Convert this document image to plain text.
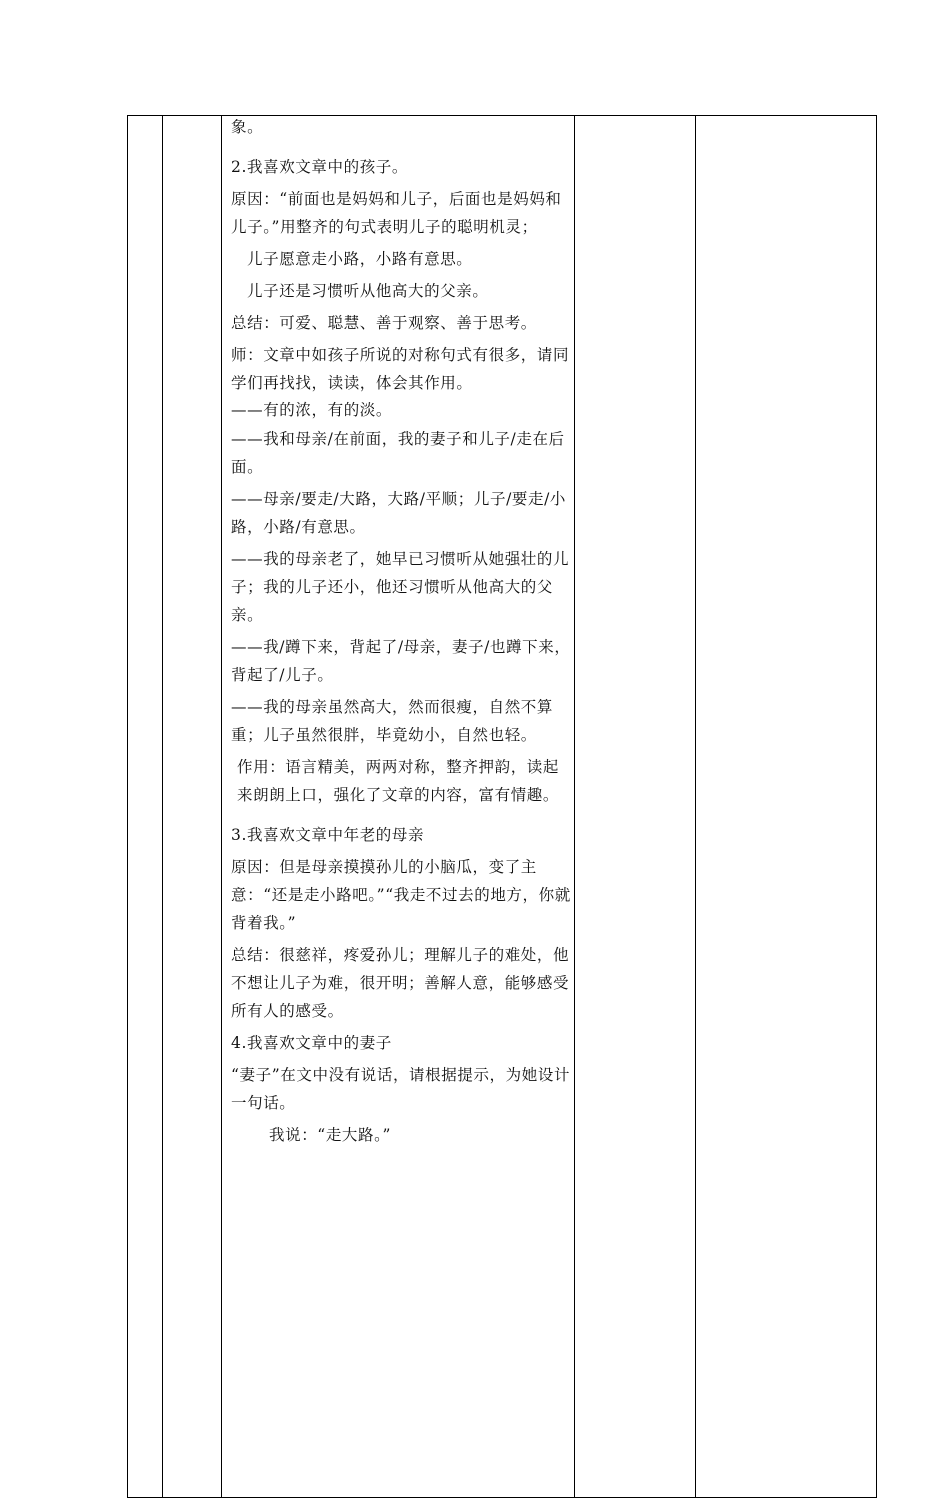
象。
2.我喜欢文章中的孩子。
原因：“前面也是妈妈和儿子，后面也是妈妈和儿子。”用整齐的句式表明儿子的聪明机灵；
儿子愿意走小路，小路有意思。
儿子还是习惯听从他高大的父亲。
总结：可爱、聪慧、善于观察、善于思考。
师：文章中如孩子所说的对称句式有很多，请同学们再找找，读读，体会其作用。
——有的浓，有的淡。
——我和母亲/在前面，我的妻子和儿子/走在后面。
——母亲/要走/大路，大路/平顺；儿子/要走/小路，小路/有意思。
——我的母亲老了，她早已习惯听从她强壮的儿子；我的儿子还小，他还习惯听从他高大的父亲。
——我/蹲下来，背起了/母亲，妻子/也蹲下来，背起了/儿子。
——我的母亲虽然高大，然而很瘦，自然不算重；儿子虽然很胖，毕竟幼小，自然也轻。
作用：语言精美，两两对称，整齐押韵，读起来朗朗上口，强化了文章的内容，富有情趣。
3.我喜欢文章中年老的母亲
原因：但是母亲摸摸孙儿的小脑瓜，变了主意：“还是走小路吧。”“我走不过去的地方，你就背着我。”
总结：很慈祥，疼爱孙儿；理解儿子的难处，他不想让儿子为难，很开明；善解人意，能够感受所有人的感受。
4.我喜欢文章中的妻子
“妻子”在文中没有说话，请根据提示，为她设计一句话。
我说：“走大路。”
